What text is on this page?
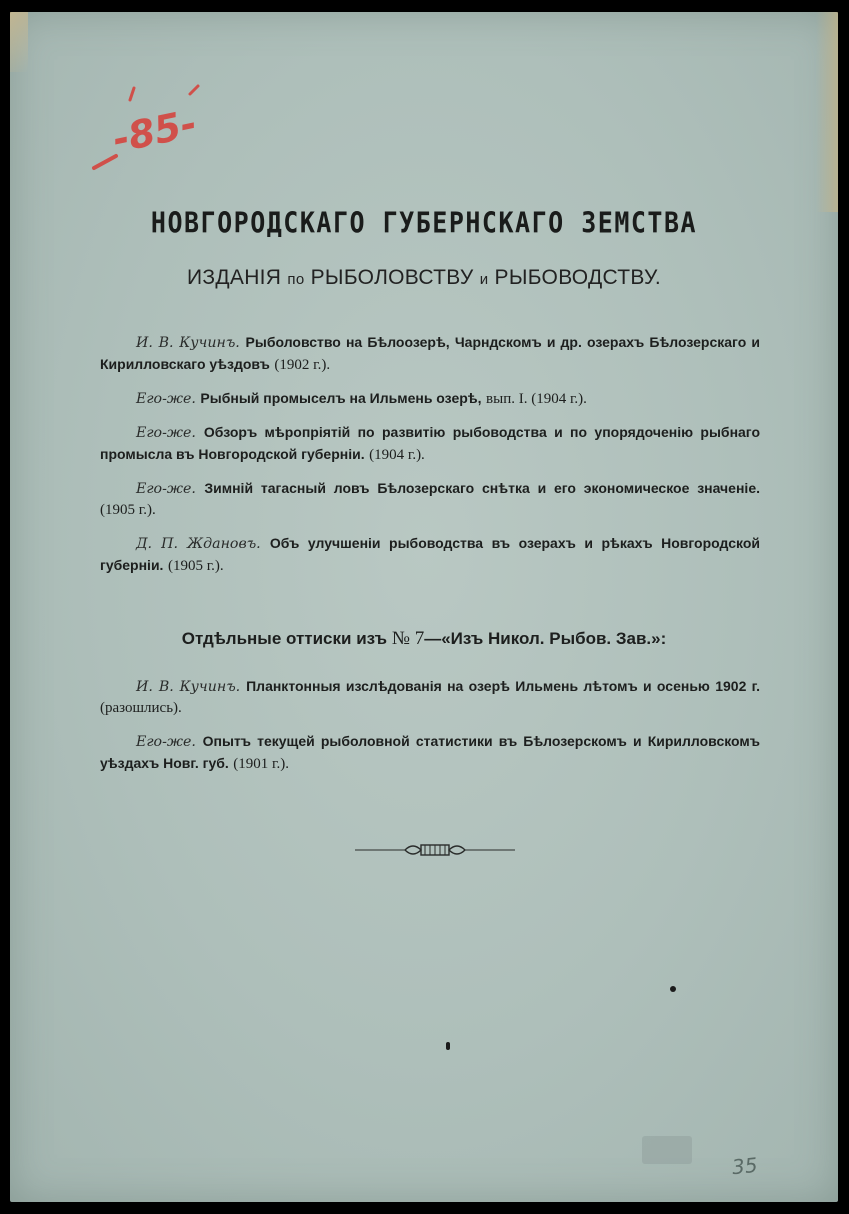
-85-
НОВГОРОДСКАГО ГУБЕРНСКАГО ЗЕМСТВА
ИЗДАНІЯ по РЫБОЛОВСТВУ и РЫБОВОДСТВУ.

И. В. Кучинъ. Рыболовство на Бѣлоозерѣ, Чарндскомъ и др. озерахъ Бѣлозерскаго и Кирилловскаго уѣздовъ (1902 г.).

Его-же. Рыбный промыселъ на Ильмень озерѣ, вып. I. (1904 г.).

Его-же. Обзоръ мѣропріятій по развитію рыбоводства и по упорядоченію рыбнаго промысла въ Новгородской губерніи. (1904 г.).

Его-же. Зимній тагасный ловъ Бѣлозерскаго снѣтка и его экономическое значеніе. (1905 г.).

Д. П. Ждановъ. Объ улучшеніи рыбоводства въ озерахъ и рѣкахъ Новгородской губерніи. (1905 г.).

Отдѣльные оттиски изъ № 7—«Изъ Никол. Рыбов. Зав.»:

И. В. Кучинъ. Планктонныя изслѣдованія на озерѣ Ильмень лѣтомъ и осенью 1902 г. (разошлись).

Его-же. Опытъ текущей рыболовной статистики въ Бѣлозерскомъ и Кирилловскомъ уѣздахъ Новг. губ. (1901 г.).

35
